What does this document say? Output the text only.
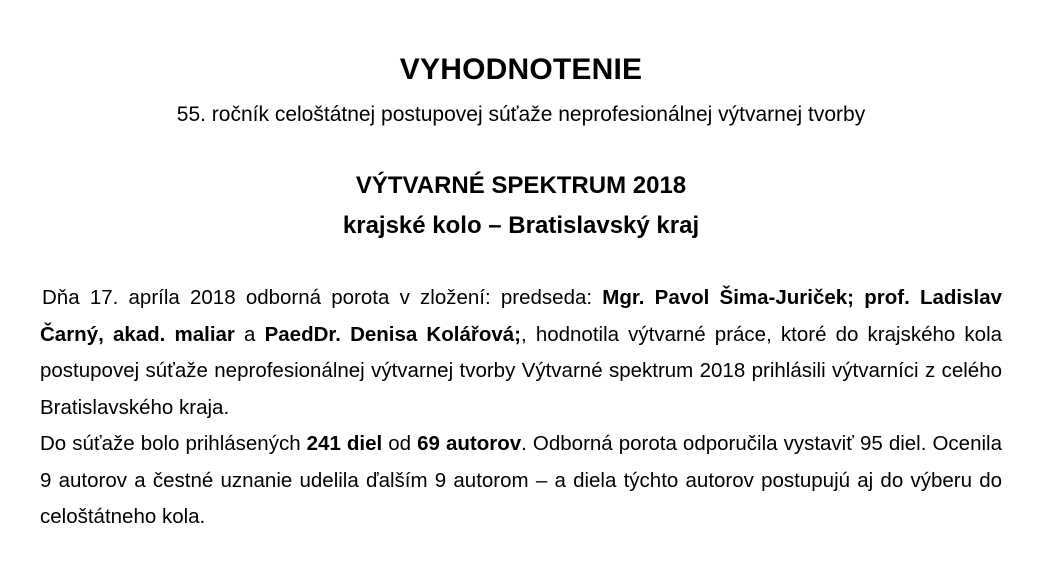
VYHODNOTENIE
55. ročník celoštátnej postupovej súťaže neprofesionálnej výtvarnej tvorby
VÝTVARNÉ SPEKTRUM 2018
krajské kolo – Bratislavský kraj

Dňa 17. apríla 2018 odborná porota v zložení: predseda: Mgr. Pavol Šima-Juriček; prof. Ladislav Čarný, akad. maliar a PaedDr. Denisa Kolářová;, hodnotila výtvarné práce, ktoré do krajského kola postupovej súťaže neprofesionálnej výtvarnej tvorby Výtvarné spektrum 2018 prihlásili výtvarníci z celého Bratislavského kraja.

Do súťaže bolo prihlásených 241 diel od 69 autorov. Odborná porota odporučila vystaviť 95 diel. Ocenila 9 autorov a čestné uznanie udelila ďalším 9 autorom – a diela týchto autorov postupujú aj do výberu do celoštátneho kola.
